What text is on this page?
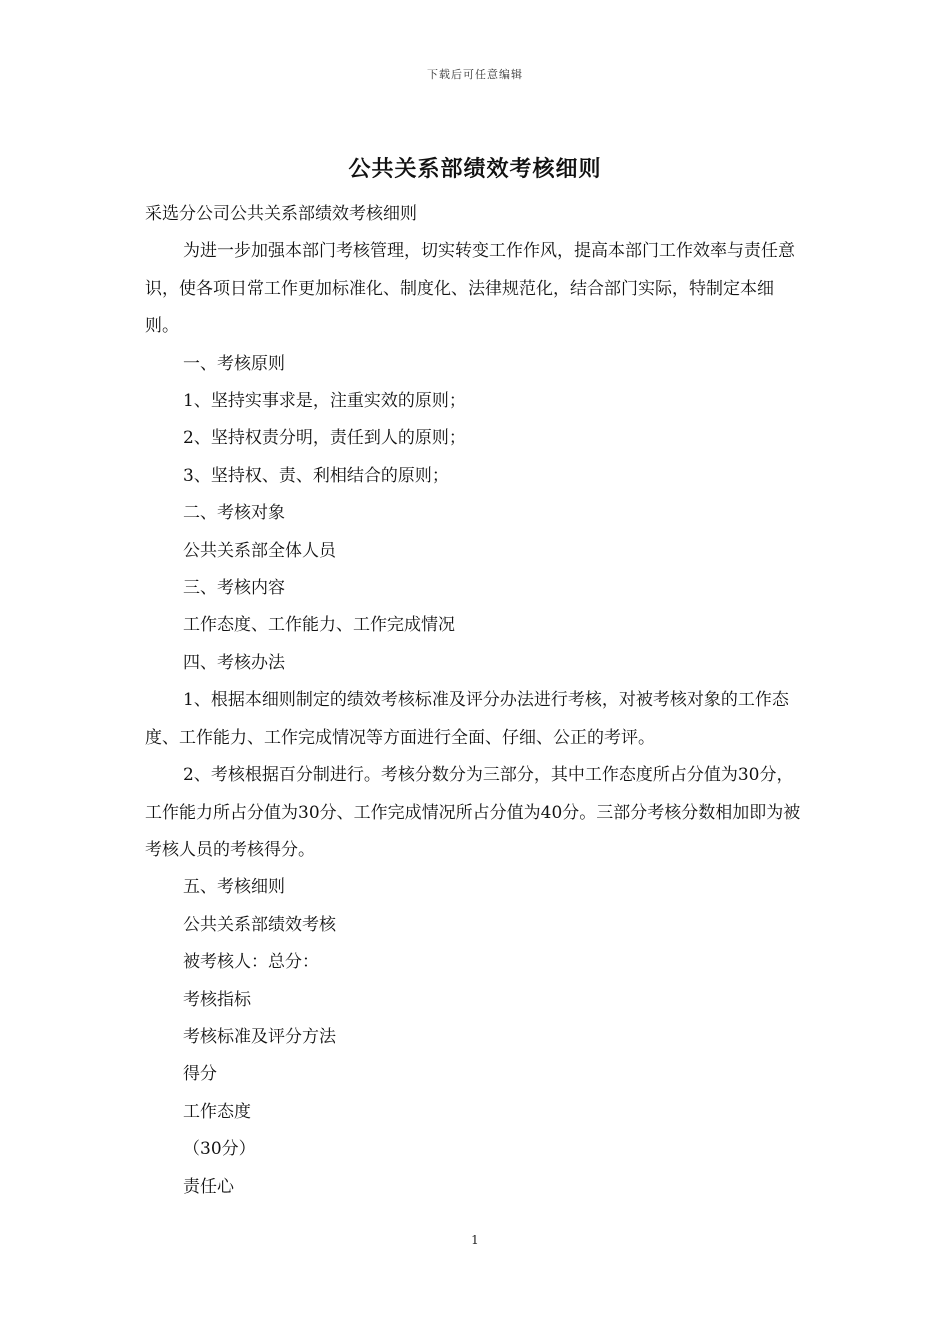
下载后可任意编辑
公共关系部绩效考核细则

采选分公司公共关系部绩效考核细则

为进一步加强本部门考核管理，切实转变工作作风，提高本部门工作效率与责任意识，使各项日常工作更加标准化、制度化、法律规范化，结合部门实际，特制定本细则。

一、考核原则

1、坚持实事求是，注重实效的原则；

2、坚持权责分明，责任到人的原则；

3、坚持权、责、利相结合的原则；

二、考核对象

公共关系部全体人员

三、考核内容

工作态度、工作能力、工作完成情况

四、考核办法

1、根据本细则制定的绩效考核标准及评分办法进行考核，对被考核对象的工作态度、工作能力、工作完成情况等方面进行全面、仔细、公正的考评。

2、考核根据百分制进行。考核分数分为三部分，其中工作态度所占分值为30分，工作能力所占分值为30分、工作完成情况所占分值为40分。三部分考核分数相加即为被考核人员的考核得分。

五、考核细则

公共关系部绩效考核

被考核人：总分：

考核指标

考核标准及评分方法

得分

工作态度

（30分）

责任心

1
